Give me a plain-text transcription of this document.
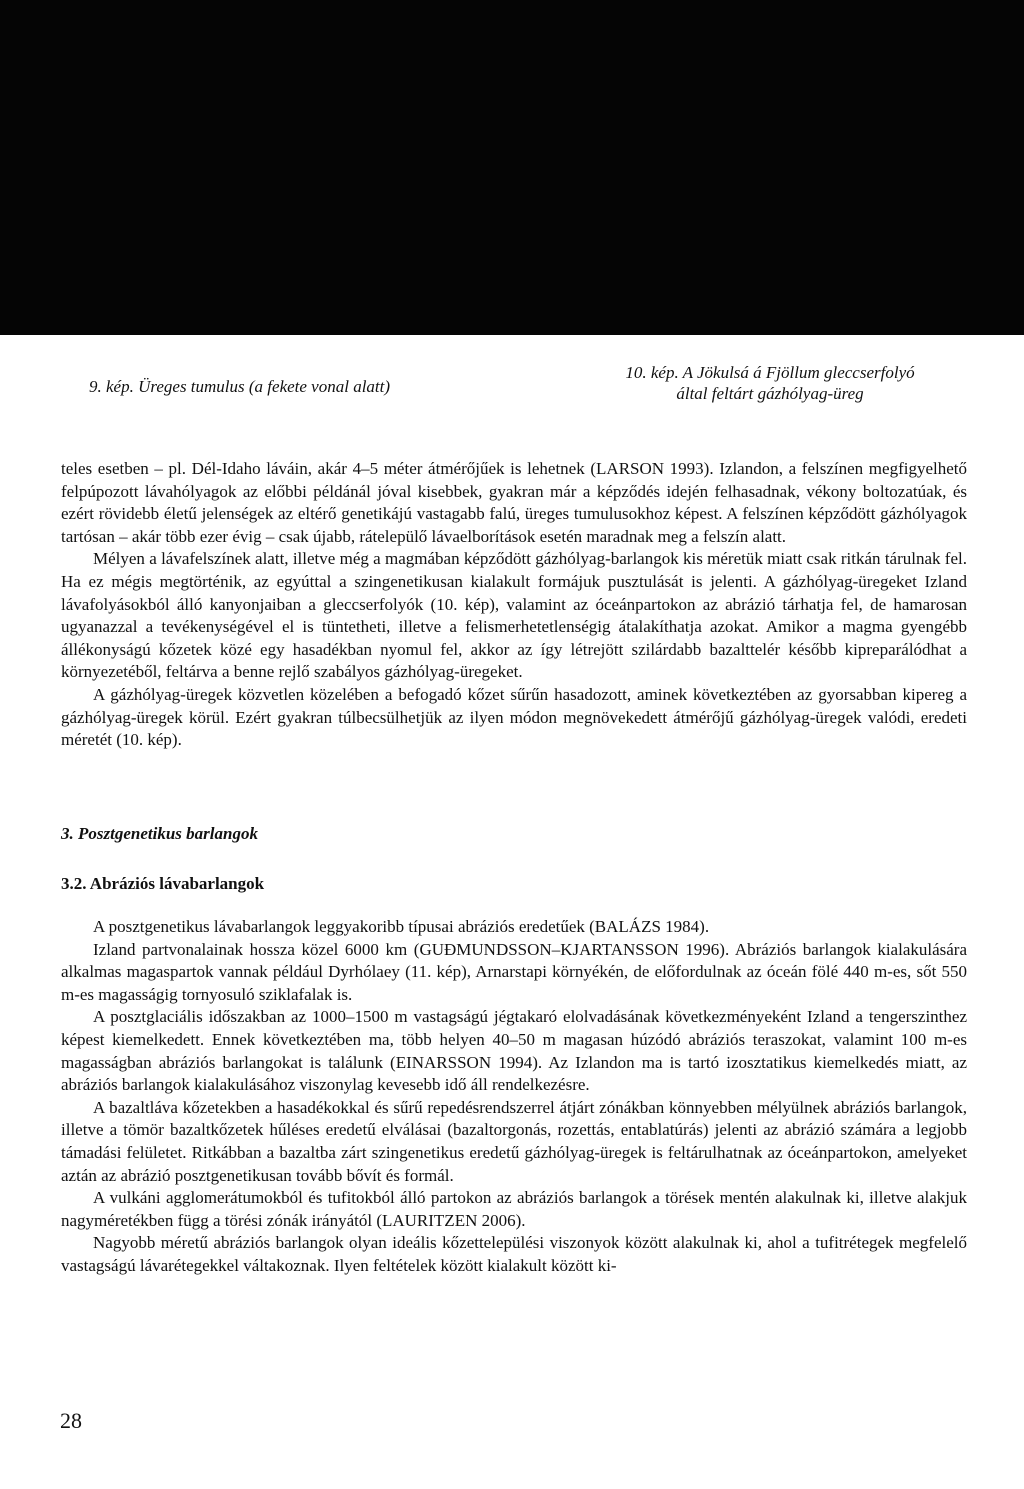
9. kép. Üreges tumulus (a fekete vonal alatt)
10. kép. A Jökulsá á Fjöllum gleccserfolyó
által feltárt gázhólyag-üreg

teles esetben – pl. Dél-Idaho láváin, akár 4–5 méter átmérőjűek is lehetnek (LARSON 1993). Izlandon, a felszínen megfigyelhető felpúpozott lávahólyagok az előbbi példánál jóval kisebbek, gyakran már a képződés idején felhasadnak, vékony boltozatúak, és ezért rövidebb életű jelenségek az eltérő genetikájú vastagabb falú, üreges tumulusokhoz képest. A felszínen képződött gázhólyagok tartósan – akár több ezer évig – csak újabb, rátelepülő lávaelborítások esetén maradnak meg a felszín alatt.

Mélyen a lávafelszínek alatt, illetve még a magmában képződött gázhólyag-barlangok kis méretük miatt csak ritkán tárulnak fel. Ha ez mégis megtörténik, az egyúttal a szingenetikusan kialakult formájuk pusztulását is jelenti. A gázhólyag-üregeket Izland lávafolyásokból álló kanyonjaiban a gleccserfolyók (10. kép), valamint az óceánpartokon az abrázió tárhatja fel, de hamarosan ugyanazzal a tevékenységével el is tüntetheti, illetve a felismerhetetlenségig átalakíthatja azokat. Amikor a magma gyengébb állékonyságú kőzetek közé egy hasadékban nyomul fel, akkor az így létrejött szilárdabb bazalttelér később kipreparálódhat a környezetéből, feltárva a benne rejlő szabályos gázhólyag-üregeket.

A gázhólyag-üregek közvetlen közelében a befogadó kőzet sűrűn hasadozott, aminek következtében az gyorsabban kipereg a gázhólyag-üregek körül. Ezért gyakran túlbecsülhetjük az ilyen módon megnövekedett átmérőjű gázhólyag-üregek valódi, eredeti méretét (10. kép).

3. Posztgenetikus barlangok
3.2. Abráziós lávabarlangok

A posztgenetikus lávabarlangok leggyakoribb típusai abráziós eredetűek (BALÁZS 1984).

Izland partvonalainak hossza közel 6000 km (GUÐMUNDSSON–KJARTANSSON 1996). Abráziós barlangok kialakulására alkalmas magaspartok vannak például Dyrhólaey (11. kép), Arnarstapi környékén, de előfordulnak az óceán fölé 440 m-es, sőt 550 m-es magasságig tornyosuló sziklafalak is.

A posztglaciális időszakban az 1000–1500 m vastagságú jégtakaró elolvadásának következményeként Izland a tengerszinthez képest kiemelkedett. Ennek következtében ma, több helyen 40–50 m magasan húzódó abráziós teraszokat, valamint 100 m-es magasságban abráziós barlangokat is találunk (EINARSSON 1994). Az Izlandon ma is tartó izosztatikus kiemelkedés miatt, az abráziós barlangok kialakulásához viszonylag kevesebb idő áll rendelkezésre.

A bazaltláva kőzetekben a hasadékokkal és sűrű repedésrendszerrel átjárt zónákban könnyebben mélyülnek abráziós barlangok, illetve a tömör bazaltkőzetek hűléses eredetű elválásai (bazaltorgonás, rozettás, entablatúrás) jelenti az abrázió számára a legjobb támadási felületet. Ritkábban a bazaltba zárt szingenetikus eredetű gázhólyag-üregek is feltárulhatnak az óceánpartokon, amelyeket aztán az abrázió posztgenetikusan tovább bővít és formál.

A vulkáni agglomerátumokból és tufitokból álló partokon az abráziós barlangok a törések mentén alakulnak ki, illetve alakjuk nagyméretékben függ a törési zónák irányától (LAURITZEN 2006).

Nagyobb méretű abráziós barlangok olyan ideális kőzettelepülési viszonyok között alakulnak ki, ahol a tufitrétegek megfelelő vastagságú lávarétegekkel váltakoznak. Ilyen feltételek között kialakult között ki-

28
